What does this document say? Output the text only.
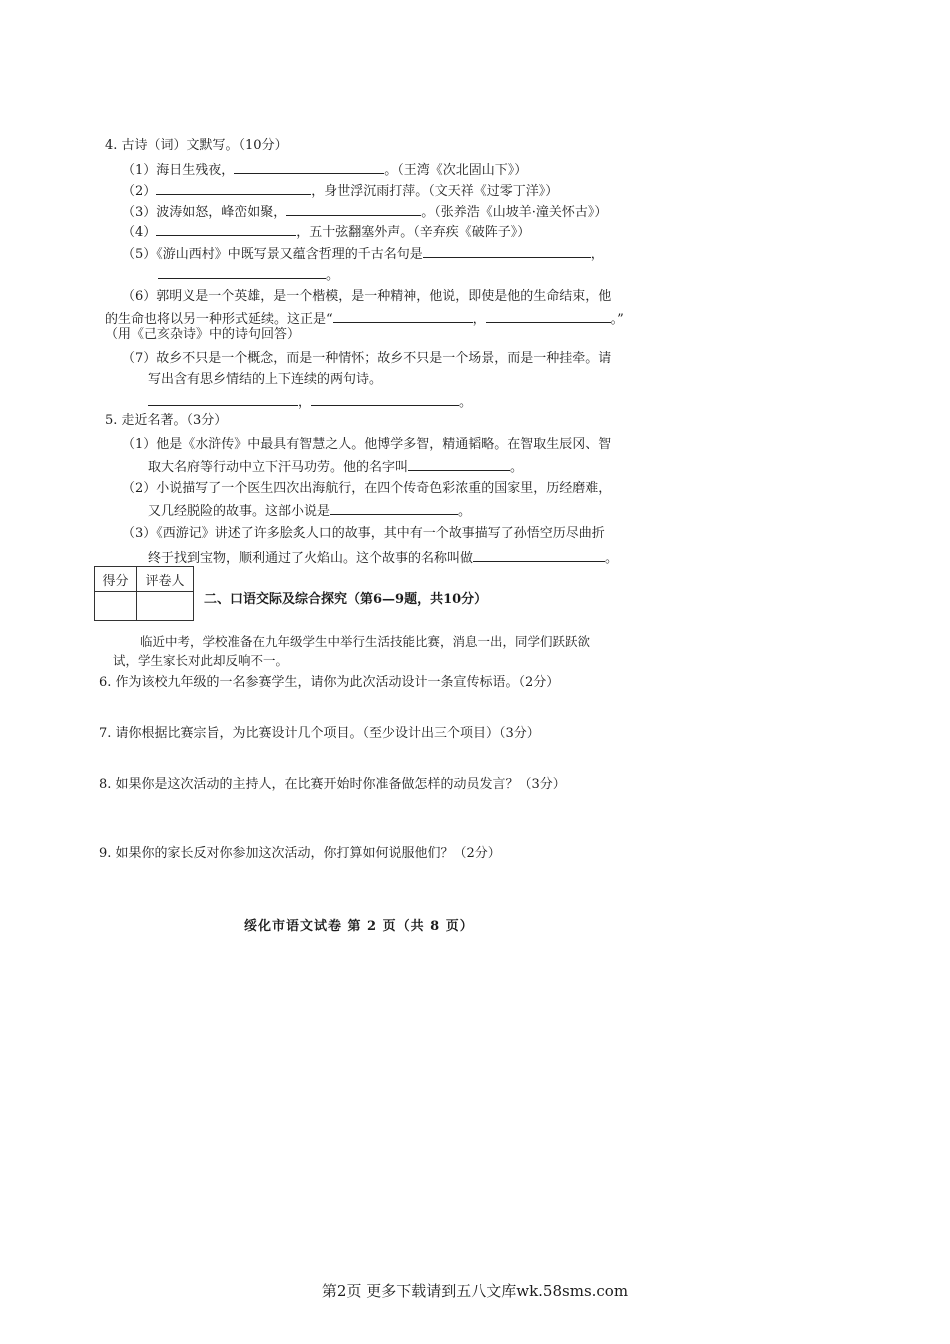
4. 古诗（词）文默写。（10分）
（1）海日生残夜，	。（王湾《次北固山下》）
（2）	，身世浮沉雨打萍。（文天祥《过零丁洋》）
（3）波涛如怒，峰峦如聚，	。（张养浩《山坡羊·潼关怀古》）
（4）	，五十弦翻塞外声。（辛弃疾《破阵子》）
（5）《游山西村》中既写景又蕴含哲理的千古名句是	，
。
（6）郭明义是一个英雄，是一个楷模，是一种精神，他说，即使是他的生命结束，他
的生命也将以另一种形式延续。这正是“	，	。”
（用《己亥杂诗》中的诗句回答）
（7）故乡不只是一个概念，而是一种情怀；故乡不只是一个场景，而是一种挂牵。请
写出含有思乡情结的上下连续的两句诗。
，	。
5. 走近名著。（3分）
（1）他是《水浒传》中最具有智慧之人。他博学多智，精通韬略。在智取生辰冈、智
取大名府等行动中立下汗马功劳。他的名字叫	。
（2）小说描写了一个医生四次出海航行，在四个传奇色彩浓重的国家里，历经磨难，
又几经脱险的故事。这部小说是	。
（3）《西游记》讲述了许多脍炙人口的故事，其中有一个故事描写了孙悟空历尽曲折
终于找到宝物，顺利通过了火焰山。这个故事的名称叫做	。
得分	评卷人

二、口语交际及综合探究（第6—9题，共10分）
临近中考，学校准备在九年级学生中举行生活技能比赛，消息一出，同学们跃跃欲
试，学生家长对此却反响不一。
6. 作为该校九年级的一名参赛学生，请你为此次活动设计一条宣传标语。（2分）
7. 请你根据比赛宗旨，为比赛设计几个项目。（至少设计出三个项目）（3分）
8. 如果你是这次活动的主持人，在比赛开始时你准备做怎样的动员发言？（3分）
9. 如果你的家长反对你参加这次活动，你打算如何说服他们？（2分）
绥化市语文试卷 第 2 页（共 8 页）
第2页 更多下载请到五八文库wk.58sms.com
